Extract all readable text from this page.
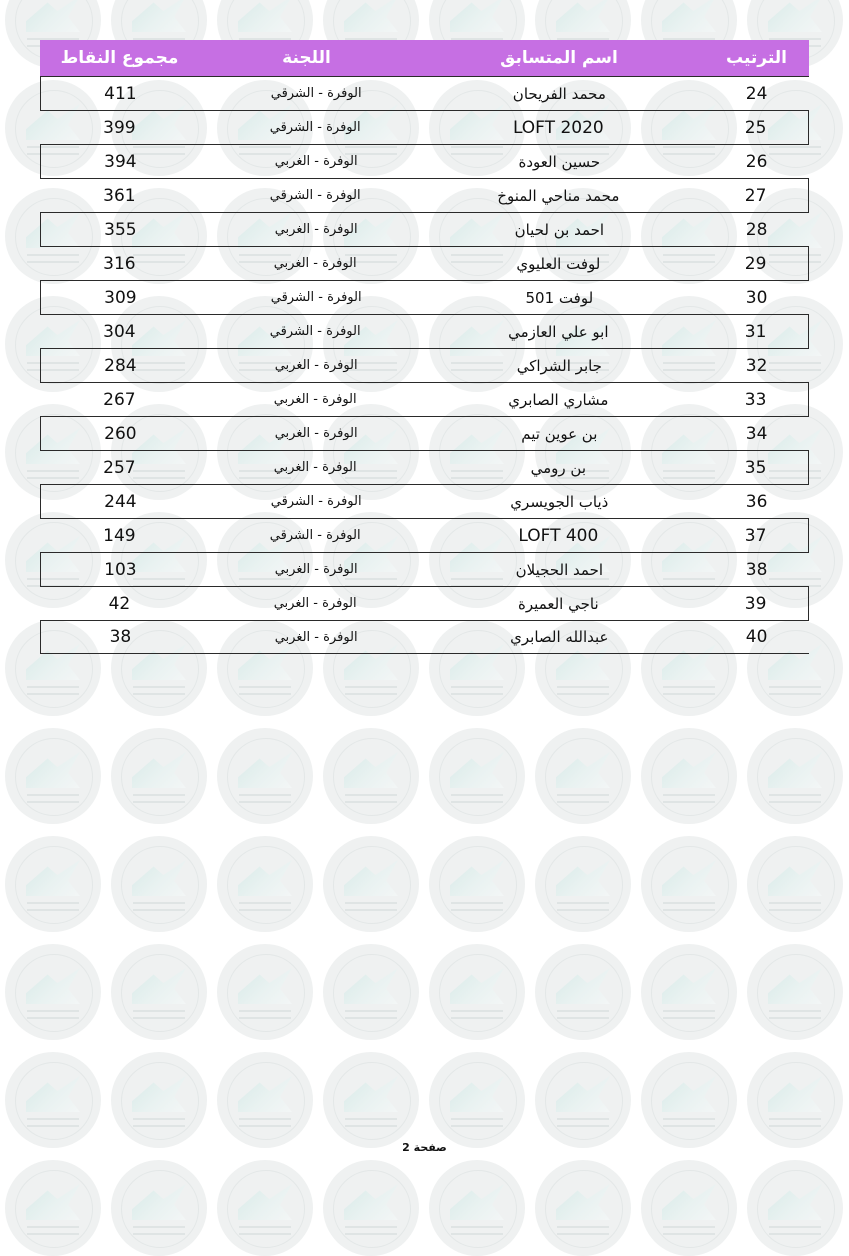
الترتيب
اسم المتسابق
اللجنة
مجموع النقاط
24
محمد الفريحان
الوفرة - الشرقي
411
25
LOFT 2020
الوفرة - الشرقي
399
26
حسين العودة
الوفرة - الغربي
394
27
محمد مناحي المنوخ
الوفرة - الشرقي
361
28
احمد بن لحيان
الوفرة - الغربي
355
29
لوفت العليوي
الوفرة - الغربي
316
30
لوفت 501
الوفرة - الشرقي
309
31
ابو علي العازمي
الوفرة - الشرقي
304
32
جابر الشراكي
الوفرة - الغربي
284
33
مشاري الصابري
الوفرة - الغربي
267
34
بن عوين تيم
الوفرة - الغربي
260
35
بن رومي
الوفرة - الغربي
257
36
ذياب الجويسري
الوفرة - الشرقي
244
37
LOFT 400
الوفرة - الشرقي
149
38
احمد الحجيلان
الوفرة - الغربي
103
39
ناجي العميرة
الوفرة - الغربي
42
40
عبدالله الصابري
الوفرة - الغربي
38
صفحة 2
